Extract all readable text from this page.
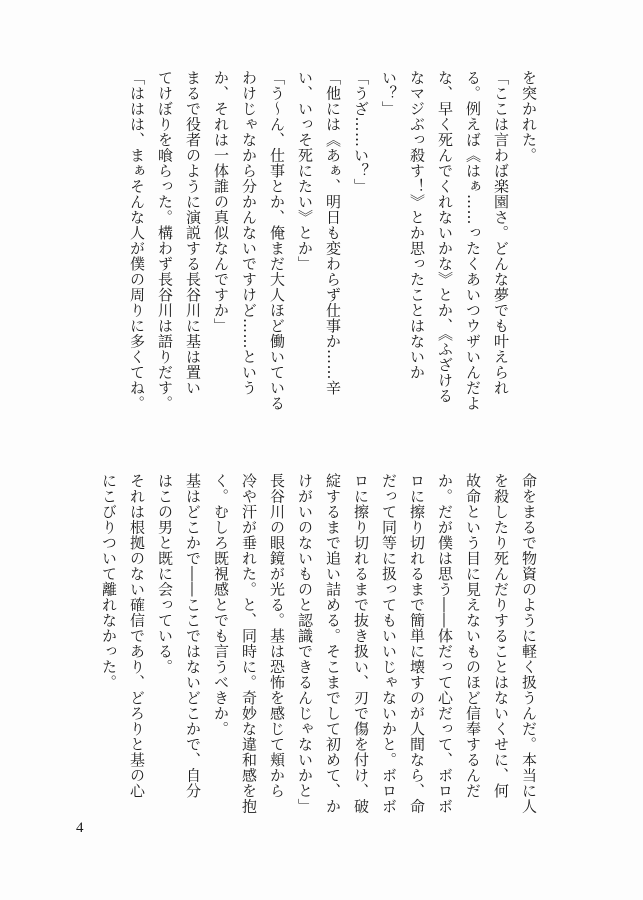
を突かれた。

「ここは言わば楽園さ。どんな夢でも叶えられ

る。例えば《はぁ……ったくあいつウザいんだよ

な、早く死んでくれないかな》とか、《ふざける

なマジぶっ殺す！》とか思ったことはないか

い？」

「うざ……い？」

「他には《あぁ、明日も変わらず仕事か……辛

い、いっそ死にたい》とか」

「う～ん、仕事とか、俺まだ大人ほど働いている

わけじゃなから分かんないですけど……という

か、それは一体誰の真似なんですか」

まるで役者のように演説する長谷川に基は置い

てけぼりを喰らった。構わず長谷川は語りだす。

「ははは、まぁそんな人が僕の周りに多くてね。

命をまるで物資のように軽く扱うんだ。本当に人

を殺したり死んだりすることはないくせに、何

故命という目に見えないものほど信奉するんだ

か。だが僕は思う――体だって心だって、ボロボ

ロに擦り切れるまで簡単に壊すのが人間なら、命

だって同等に扱ってもいいじゃないかと。ボロボ

ロに擦り切れるまで抜き扱い、刃で傷を付け、破

綻するまで追い詰める。そこまでして初めて、か

けがいのないものと認識できるんじゃないかと」

長谷川の眼鏡が光る。基は恐怖を感じて頬から

冷や汗が垂れた。と、同時に。奇妙な違和感を抱

く。むしろ既視感とでも言うべきか。

基はどこかで――ここではないどこかで、自分

はこの男と既に会っている。

それは根拠のない確信であり、どろりと基の心

にこびりついて離れなかった。

4
